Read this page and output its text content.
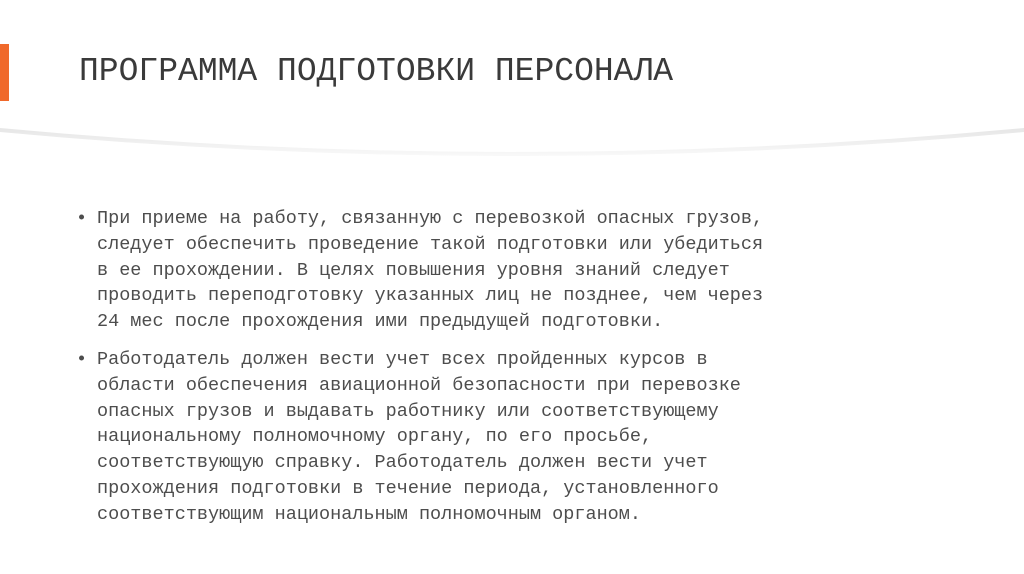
ПРОГРАММА ПОДГОТОВКИ ПЕРСОНАЛА
• При приеме на работу, связанную с перевозкой опасных грузов,
следует обеспечить проведение такой подготовки или убедиться
в ее прохождении. В целях повышения уровня знаний следует
проводить переподготовку указанных лиц не позднее, чем через
24 мес после прохождения ими предыдущей подготовки.
• Работодатель должен вести учет всех пройденных курсов в
области обеспечения авиационной безопасности при перевозке
опасных грузов и выдавать работнику или соответствующему
национальному полномочному органу, по его просьбе,
соответствующую справку. Работодатель должен вести учет
прохождения подготовки в течение периода, установленного
соответствующим национальным полномочным органом.
